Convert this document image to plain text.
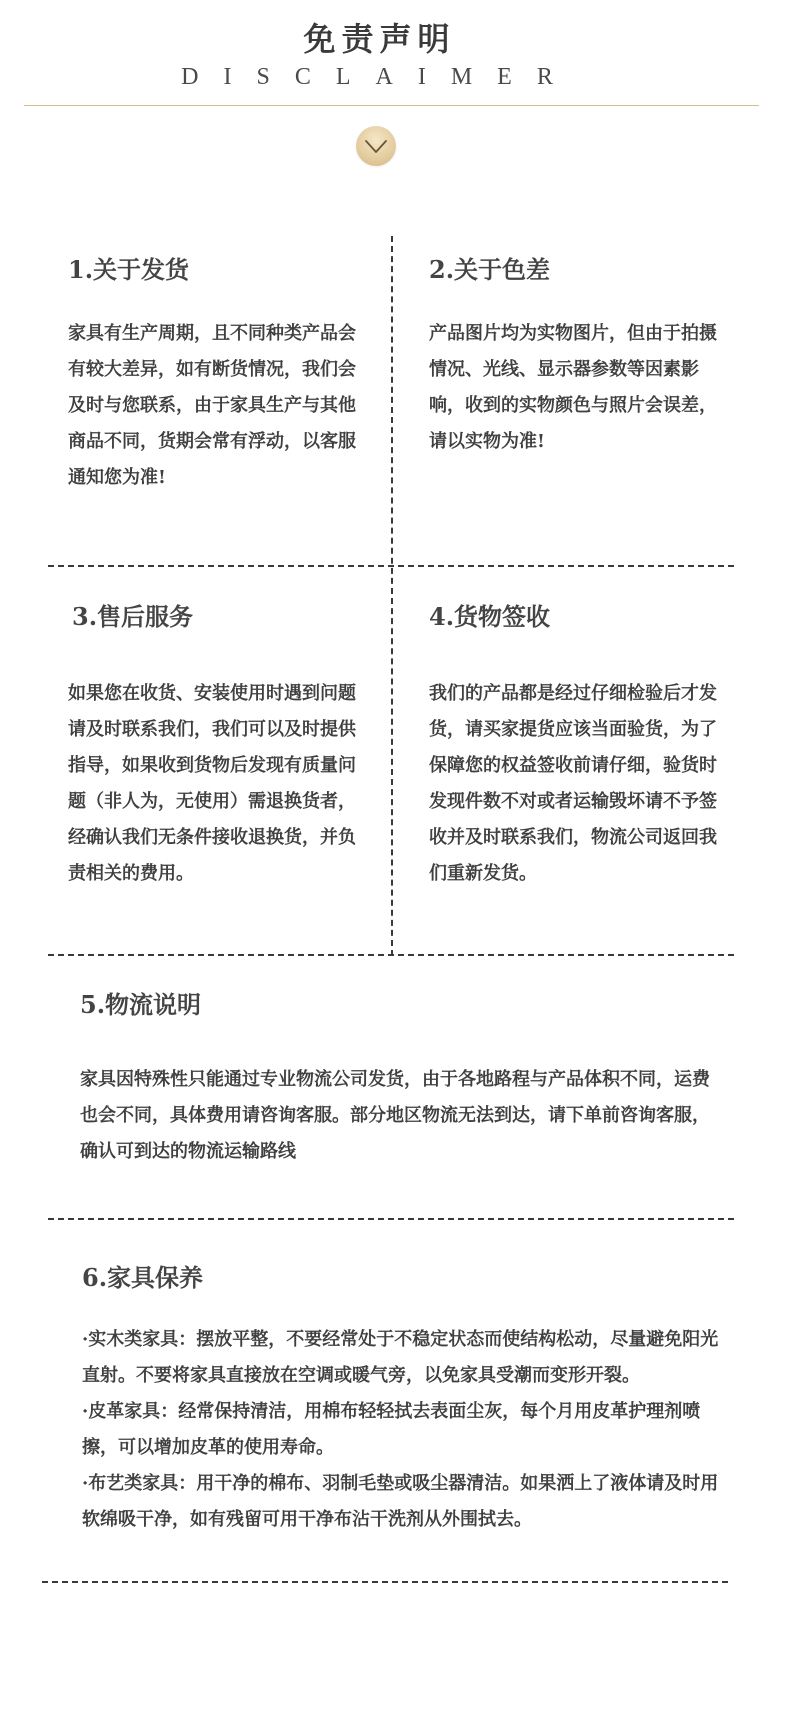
免责声明
DISCLAIMER
1.关于发货
家具有生产周期，且不同种类产品会有较大差异，如有断货情况，我们会及时与您联系，由于家具生产与其他商品不同，货期会常有浮动，以客服通知您为准!
2.关于色差
产品图片均为实物图片，但由于拍摄情况、光线、显示器参数等因素影响，收到的实物颜色与照片会误差，请以实物为准!
3.售后服务
如果您在收货、安装使用时遇到问题请及时联系我们，我们可以及时提供指导，如果收到货物后发现有质量问题（非人为，无使用）需退换货者，经确认我们无条件接收退换货，并负责相关的费用。
4.货物签收
我们的产品都是经过仔细检验后才发货，请买家提货应该当面验货，为了保障您的权益签收前请仔细，验货时发现件数不对或者运输毁坏请不予签收并及时联系我们，物流公司返回我们重新发货。
5.物流说明
家具因特殊性只能通过专业物流公司发货，由于各地路程与产品体积不同，运费也会不同，具体费用请咨询客服。部分地区物流无法到达，请下单前咨询客服，确认可到达的物流运输路线
6.家具保养

·实木类家具：摆放平整，不要经常处于不稳定状态而使结构松动，尽量避免阳光直射。不要将家具直接放在空调或暖气旁，以免家具受潮而变形开裂。

·皮革家具：经常保持清洁，用棉布轻轻拭去表面尘灰，每个月用皮革护理剂喷擦，可以增加皮革的使用寿命。

·布艺类家具：用干净的棉布、羽制毛垫或吸尘器清洁。如果洒上了液体请及时用软绵吸干净，如有残留可用干净布沾干洗剂从外围拭去。
